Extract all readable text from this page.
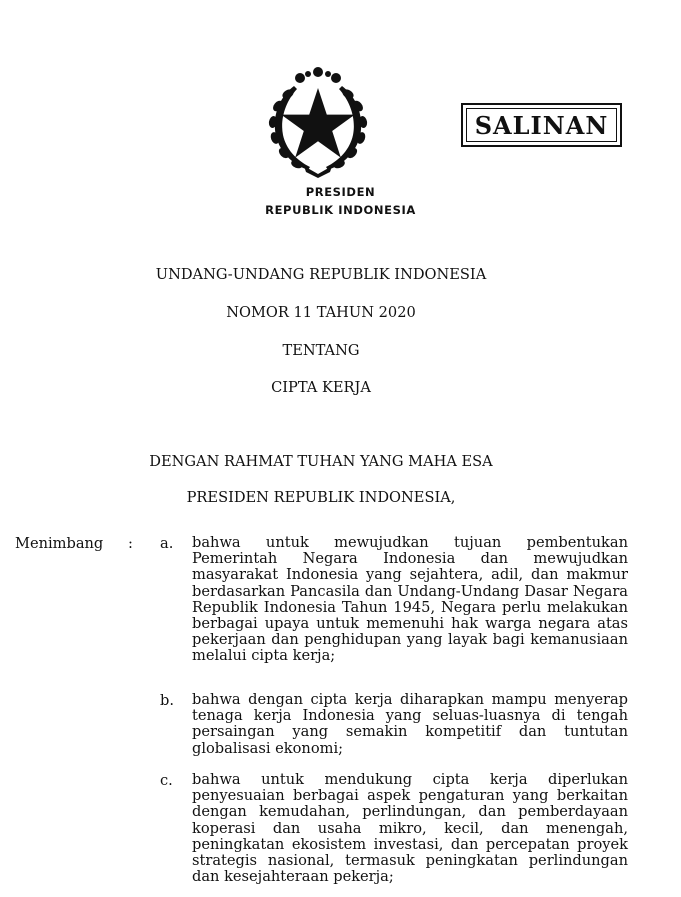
SALINAN
PRESIDEN
REPUBLIK INDONESIA
UNDANG-UNDANG REPUBLIK INDONESIA
NOMOR 11 TAHUN 2020
TENTANG
CIPTA KERJA
DENGAN RAHMAT TUHAN YANG MAHA ESA
PRESIDEN REPUBLIK INDONESIA,
Menimbang : a. bahwa untuk mewujudkan tujuan pembentukan Pemerintah Negara Indonesia dan mewujudkan masyarakat Indonesia yang sejahtera, adil, dan makmur berdasarkan Pancasila dan Undang-Undang Dasar Negara Republik Indonesia Tahun 1945, Negara perlu melakukan berbagai upaya untuk memenuhi hak warga negara atas pekerjaan dan penghidupan yang layak bagi kemanusiaan melalui cipta kerja;
b. bahwa dengan cipta kerja diharapkan mampu menyerap tenaga kerja Indonesia yang seluas-luasnya di tengah persaingan yang semakin kompetitif dan tuntutan globalisasi ekonomi;
c. bahwa untuk mendukung cipta kerja diperlukan penyesuaian berbagai aspek pengaturan yang berkaitan dengan kemudahan, perlindungan, dan pemberdayaan koperasi dan usaha mikro, kecil, dan menengah, peningkatan ekosistem investasi, dan percepatan proyek strategis nasional, termasuk peningkatan perlindungan dan kesejahteraan pekerja;
